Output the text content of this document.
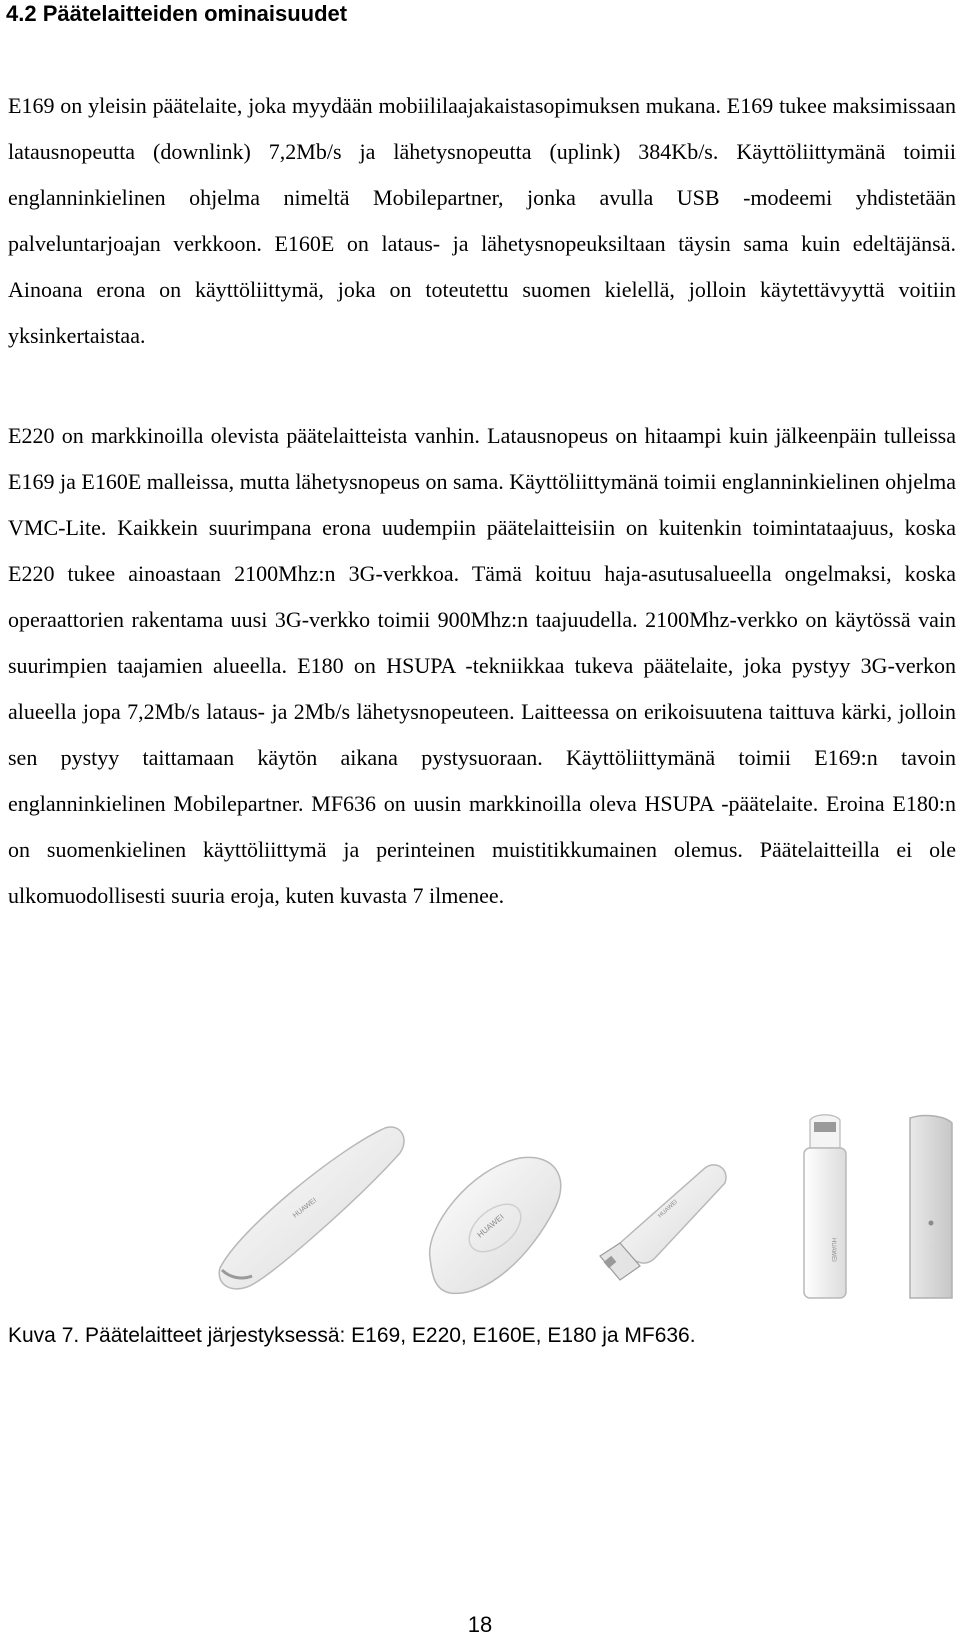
4.2 Päätelaitteiden ominaisuudet

E169 on yleisin päätelaite, joka myydään mobiililaajakaistasopimuksen mukana. E169 tukee maksimissaan latausnopeutta (downlink) 7,2Mb/s ja lähetysnopeutta (uplink) 384Kb/s. Käyttöliittymänä toimii englanninkielinen ohjelma nimeltä Mobilepartner, jonka avulla USB -modeemi yhdistetään palveluntarjoajan verkkoon. E160E on lataus- ja lähetysnopeuksiltaan täysin sama kuin edeltäjänsä. Ainoana erona on käyttöliittymä, joka on toteutettu suomen kielellä, jolloin käytettävyyttä voitiin yksinkertaistaa.

E220 on markkinoilla olevista päätelaitteista vanhin. Latausnopeus on hitaampi kuin jälkeenpäin tulleissa E169 ja E160E malleissa, mutta lähetysnopeus on sama. Käyttöliittymänä toimii englanninkielinen ohjelma VMC-Lite. Kaikkein suurimpana erona uudempiin päätelaitteisiin on kuitenkin toimintataajuus, koska E220 tukee ainoastaan 2100Mhz:n 3G-verkkoa. Tämä koituu haja-asutusalueella ongelmaksi, koska operaattorien rakentama uusi 3G-verkko toimii 900Mhz:n taajuudella. 2100Mhz-verkko on käytössä vain suurimpien taajamien alueella. E180 on HSUPA -tekniikkaa tukeva päätelaite, joka pystyy 3G-verkon alueella jopa 7,2Mb/s lataus- ja 2Mb/s lähetysnopeuteen. Laitteessa on erikoisuutena taittuva kärki, jolloin sen pystyy taittamaan käytön aikana pystysuoraan. Käyttöliittymänä toimii E169:n tavoin englanninkielinen Mobilepartner. MF636 on uusin markkinoilla oleva HSUPA -päätelaite. Eroina E180:n on suomenkielinen käyttöliittymä ja perinteinen muistitikkumainen olemus. Päätelaitteilla ei ole ulkomuodollisesti suuria eroja, kuten kuvasta 7 ilmenee.

HUAWEI
HUAWEI
HUAWEI
HUAWEI	HUAWEI

Kuva 7. Päätelaitteet järjestyksessä: E169, E220, E160E, E180 ja MF636.

18
